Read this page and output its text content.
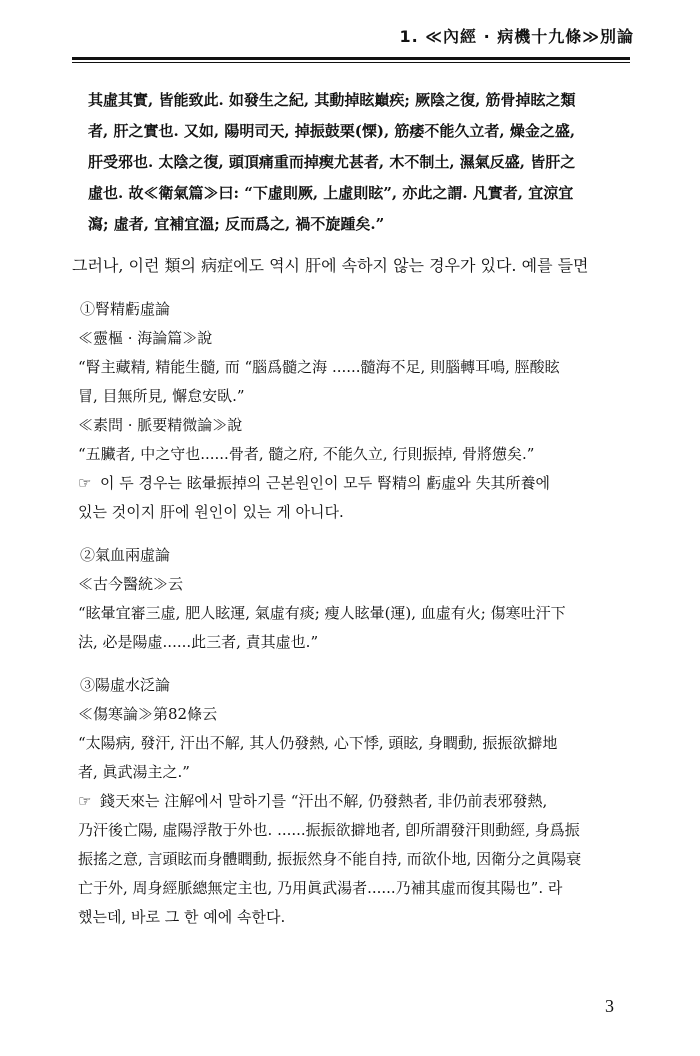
1. ≪內經 · 病機十九條≫別論

其虛其實, 皆能致此. 如發生之紀, 其動掉眩巔疾; 厥陰之復, 筋骨掉眩之類

者, 肝之實也. 又如, 陽明司天, 掉振鼓栗(慄), 筋痿不能久立者, 燥金之盛,

肝受邪也. 太陰之復, 頭頂痛重而掉瘈尤甚者, 木不制土, 濕氣反盛, 皆肝之

虛也. 故≪衛氣篇≫曰: “下虛則厥, 上虛則眩”, 亦此之謂. 凡實者, 宜涼宜

瀉; 虛者, 宜補宜溫; 反而爲之, 禍不旋踵矣.”

그러나, 이런 類의 病症에도 역시 肝에 속하지 않는 경우가 있다. 예를 들면

①腎精虧虛論

≪靈樞 · 海論篇≫說

“腎主藏精, 精能生髓, 而 “腦爲髓之海 ......髓海不足, 則腦轉耳鳴, 脛酸眩

冒, 目無所見, 懈怠安臥.”

≪素問 · 脈要精微論≫說

“五臟者, 中之守也......骨者, 髓之府, 不能久立, 行則振掉, 骨將憊矣.”

☞ 이 두 경우는 眩暈振掉의 근본원인이 모두 腎精의 虧虛와 失其所養에

있는 것이지 肝에 원인이 있는 게 아니다.

②氣血兩虛論

≪古今醫統≫云

“眩暈宜審三虛, 肥人眩運, 氣虛有痰; 瘦人眩暈(運), 血虛有火; 傷寒吐汗下

法, 必是陽虛......此三者, 責其虛也.”

③陽虛水泛論

≪傷寒論≫第82條云

“太陽病, 發汗, 汗出不解, 其人仍發熱, 心下悸, 頭眩, 身瞤動, 振振欲擗地

者, 眞武湯主之.”

☞ 錢天來는 注解에서 말하기를 “汗出不解, 仍發熱者, 非仍前表邪發熱,

乃汗後亡陽, 虛陽浮散于外也. ......振振欲擗地者, 卽所謂發汗則動經, 身爲振

振搖之意, 言頭眩而身體瞤動, 振振然身不能自持, 而欲仆地, 因衛分之眞陽衰

亡于外, 周身經脈總無定主也, 乃用眞武湯者......乃補其虛而復其陽也”. 라

했는데, 바로 그 한 예에 속한다.

3
